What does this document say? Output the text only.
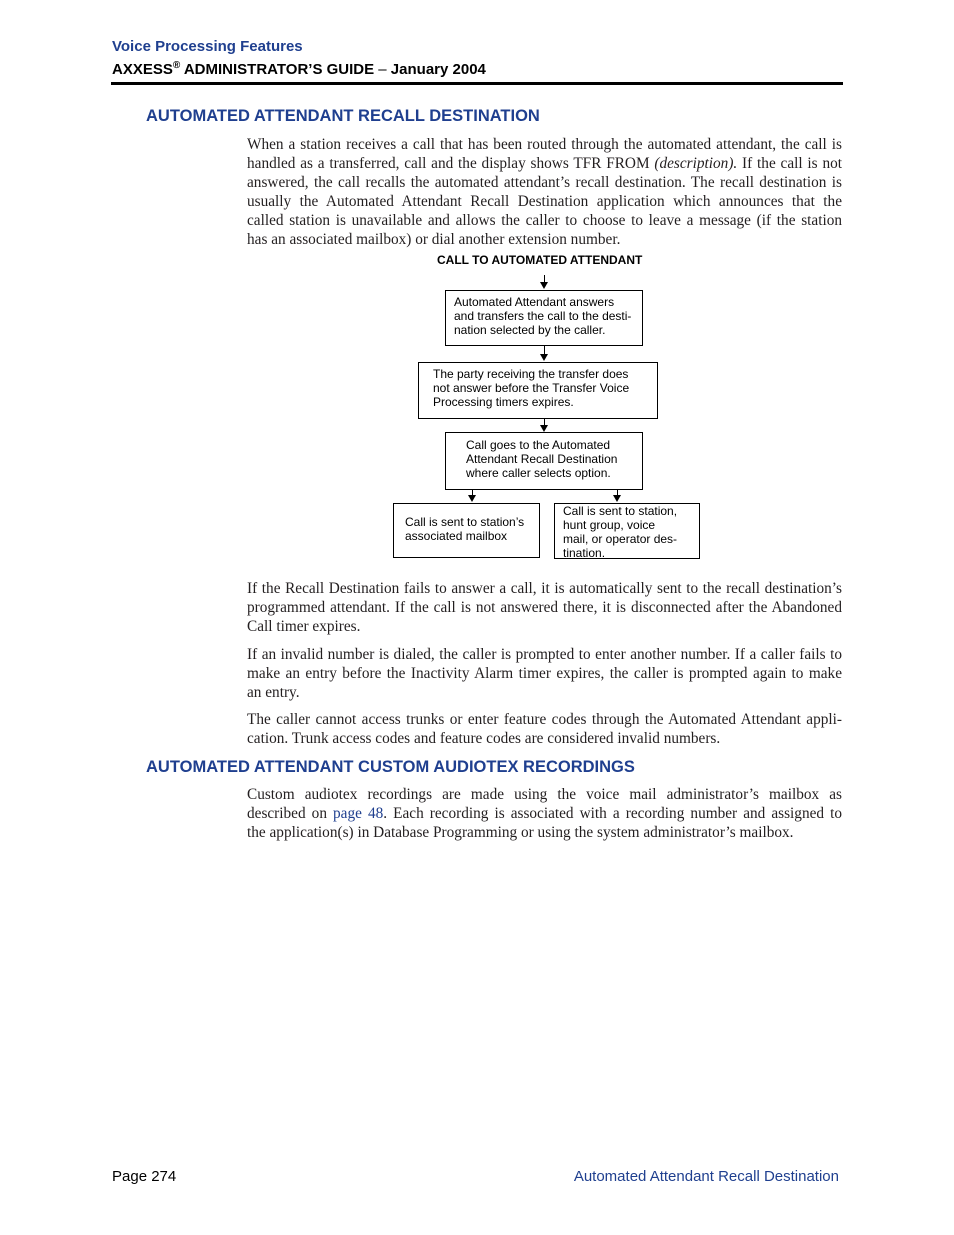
Voice Processing Features
AXXESS® ADMINISTRATOR’S GUIDE – January 2004
AUTOMATED ATTENDANT RECALL DESTINATION
When a station receives a call that has been routed through the automated attendant, the call is
handled as a transferred, call and the display shows TFR FROM (description). If the call is not
answered, the call recalls the automated attendant’s recall destination. The recall destination is
usually the Automated Attendant Recall Destination application which announces that the
called station is unavailable and allows the caller to choose to leave a message (if the station
has an associated mailbox) or dial another extension number.
CALL TO AUTOMATED ATTENDANT
Automated Attendant answers
and transfers the call to the desti-
nation selected by the caller.
The party receiving the transfer does
not answer before the Transfer Voice
Processing timers expires.
Call goes to the Automated
Attendant Recall Destination
where caller selects option.
Call is sent to station’s
associated mailbox
Call is sent to station,
hunt group, voice
mail, or operator des-
tination.
If the Recall Destination fails to answer a call, it is automatically sent to the recall destination’s
programmed attendant. If the call is not answered there, it is disconnected after the Abandoned
Call timer expires.
If an invalid number is dialed, the caller is prompted to enter another number. If a caller fails to
make an entry before the Inactivity Alarm timer expires, the caller is prompted again to make
an entry.
The caller cannot access trunks or enter feature codes through the Automated Attendant appli-
cation. Trunk access codes and feature codes are considered invalid numbers.
AUTOMATED ATTENDANT CUSTOM AUDIOTEX RECORDINGS
Custom audiotex recordings are made using the voice mail administrator’s mailbox as
described on page 48. Each recording is associated with a recording number and assigned to
the application(s) in Database Programming or using the system administrator’s mailbox.
Page 274	Automated Attendant Recall Destination
